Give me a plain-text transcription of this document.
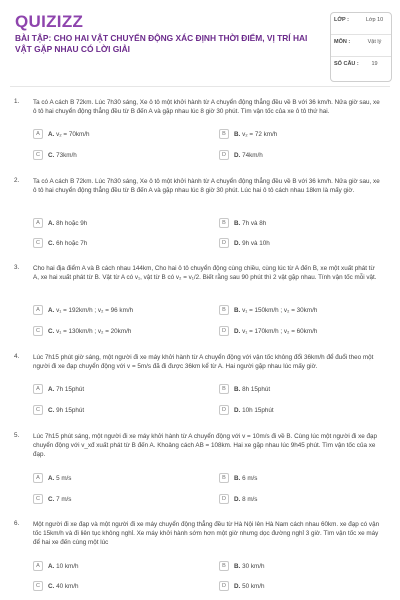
QUIZIZZ
BÀI TẬP: CHO HAI VẬT CHUYỂN ĐỘNG XÁC ĐỊNH THỜI ĐIỂM, VỊ TRÍ HAI VẬT GẶP NHAU CÓ LỜI GIẢI
LỚP :	Lớp 10
MÔN :	Vật lý
SỐ CÂU :	19
1. Ta có A cách B 72km. Lúc 7h30 sáng, Xe ô tô một khởi hành từ A chuyển động thẳng đều về B với 36 km/h. Nửa giờ sau, xe ô tô hai chuyển động thẳng đều từ B đến A và gặp nhau lúc 8 giờ 30 phút. Tìm vận tốc của xe ô tô thứ hai.
A	A. v₂ = 70km/h	B	B. v₂ = 72 km/h
C	C. 73km/h	D	D. 74km/h
2. Ta có A cách B 72km. Lúc 7h30 sáng, Xe ô tô một khởi hành từ A chuyển động thẳng đều về B với 36 km/h. Nửa giờ sau, xe ô tô hai chuyển động thẳng đều từ B đến A và gặp nhau lúc 8 giờ 30 phút. Lúc hai ô tô cách nhau 18km là mấy giờ.
A	A. 8h hoặc 9h	B	B. 7h và 8h
C	C. 6h hoặc 7h	D	D. 9h và 10h
3. Cho hai địa điểm A và B cách nhau 144km, Cho hai ô tô chuyển động cùng chiều, cùng lúc từ A đến B, xe một xuất phát từ A, xe hai xuất phát từ B. Vật từ A có v₁, vật từ B có v₂ = v₁/2. Biết rằng sau 90 phút thì 2 vật gặp nhau. Tính vận tốc mỗi vật.
A	A. v₁ = 192km/h ; v₂ = 96 km/h	B	B. v₁ = 150km/h ; v₂ = 30km/h
C	C. v₁ = 130km/h ; v₂ = 20km/h	D	D. v₁ = 170km/h ; v₂ = 60km/h
4. Lúc 7h15 phút giờ sáng, một người đi xe máy khởi hành từ A chuyển động với vận tốc không đổi 36km/h để đuổi theo một người đi xe đạp chuyển động với v = 5m/s đã đi được 36km kể từ A. Hai người gặp nhau lúc mấy giờ.
A	A. 7h 15phút	B	B. 8h 15phút
C	C. 9h 15phút	D	D. 10h 15phút
5. Lúc 7h15 phút sáng, một người đi xe máy khởi hành từ A chuyển động với v = 10m/s đi về B. Cùng lúc một người đi xe đạp chuyển động với v_xđ xuất phát từ B đến A. Khoảng cách AB = 108km. Hai xe gặp nhau lúc 9h45 phút. Tìm vận tốc của xe đạp.
A	A. 5 m/s	B	B. 6 m/s
C	C. 7 m/s	D	D. 8 m/s
6. Một người đi xe đạp và một người đi xe máy chuyển động thẳng đều từ Hà Nội lên Hà Nam cách nhau 60km. xe đạp có vận tốc 15km/h và đi liên tục không nghỉ. Xe máy khởi hành sớm hơn một giờ nhưng dọc đường nghỉ 3 giờ. Tìm vận tốc xe máy để hai xe đến cùng một lúc
A	A. 10 km/h	B	B. 30 km/h
C	C. 40 km/h	D	D. 50 km/h
